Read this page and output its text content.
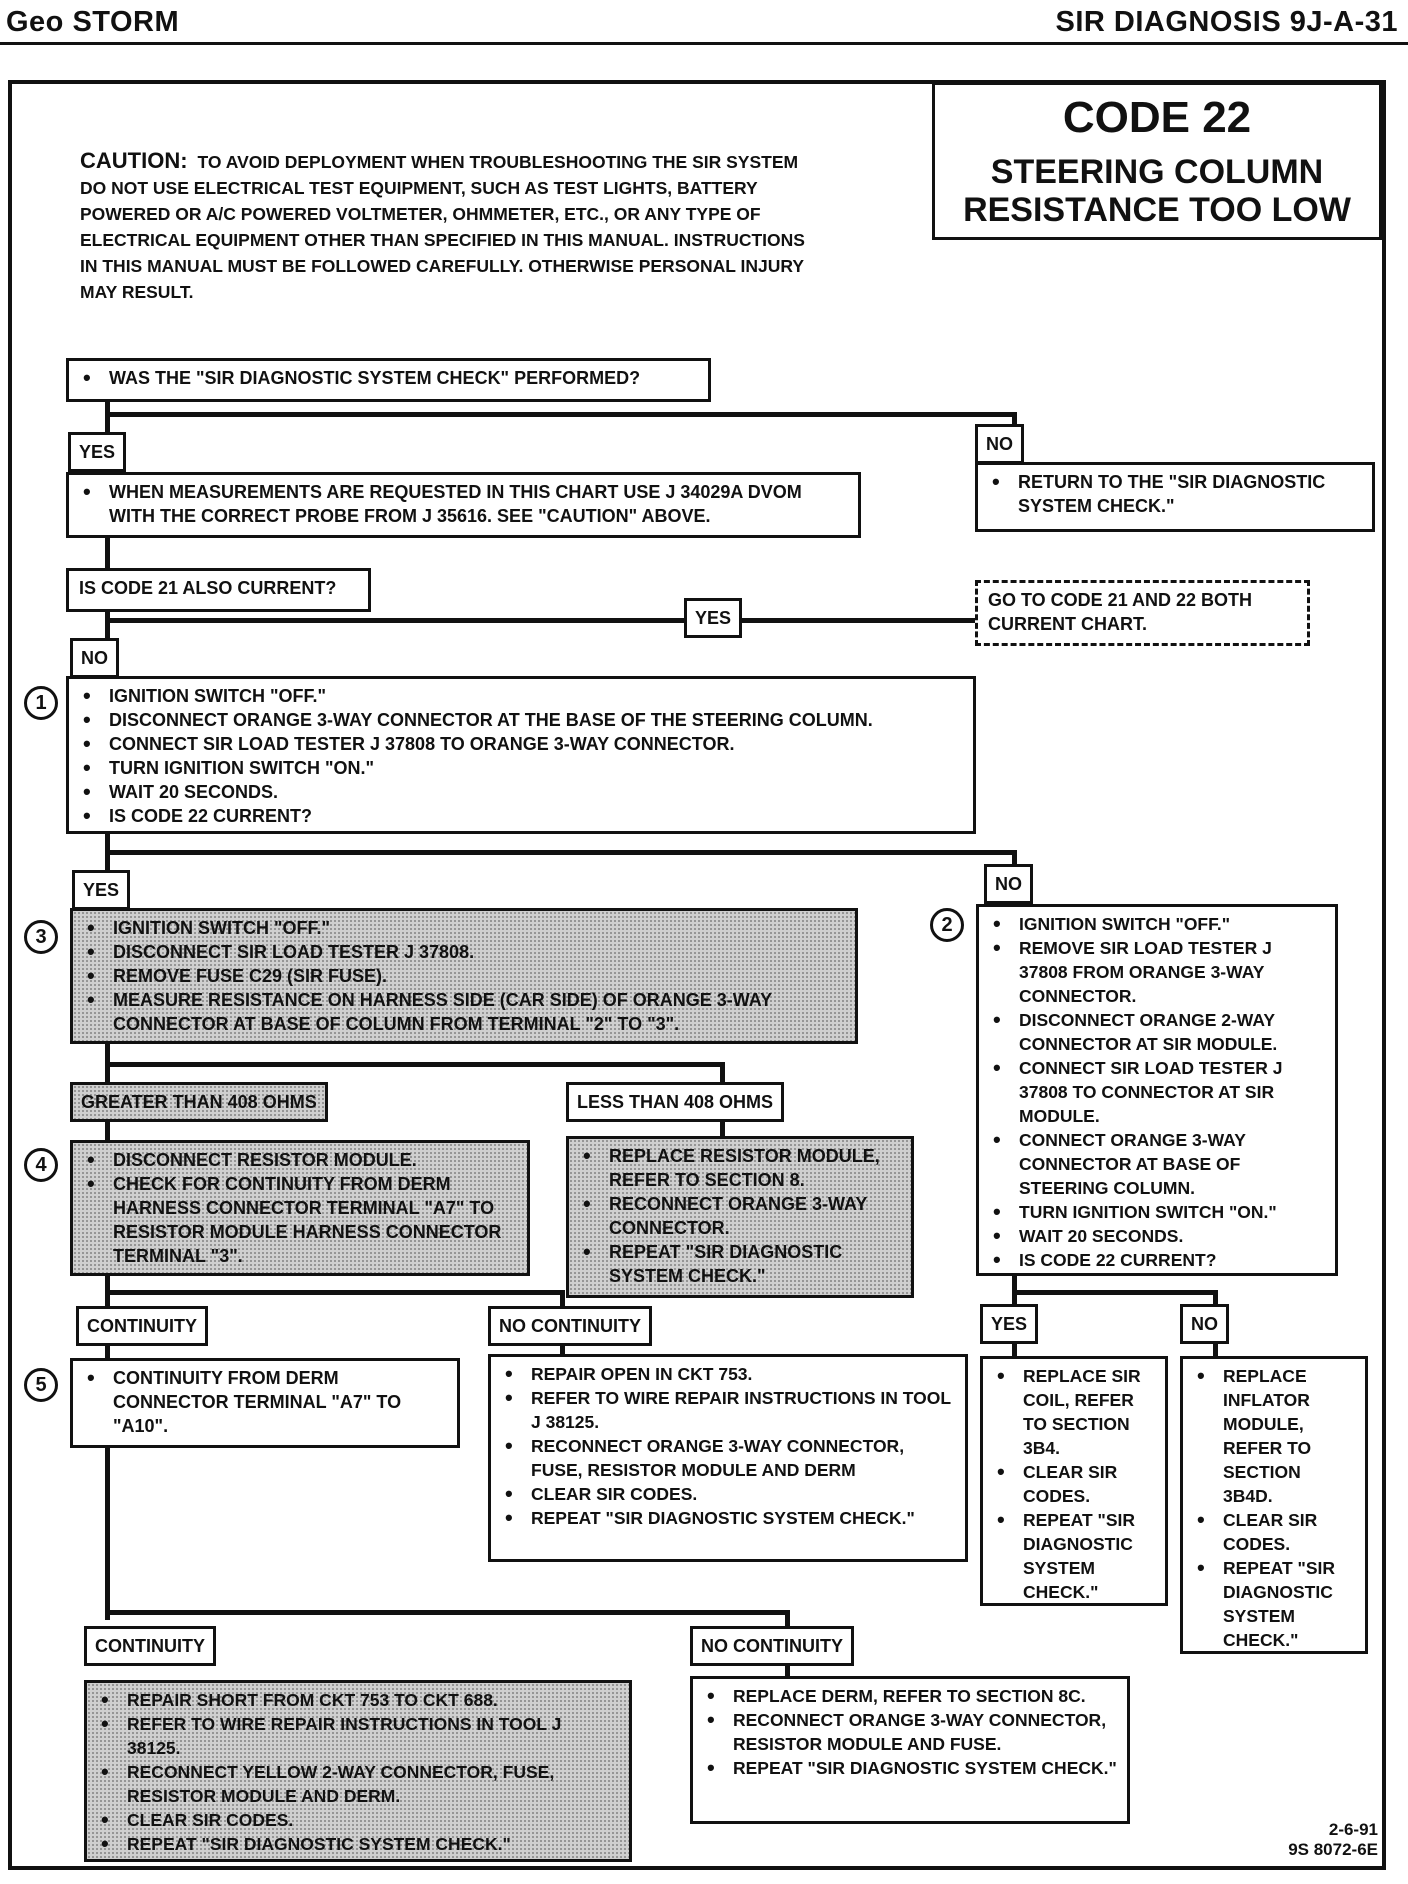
Geo STORM	SIR DIAGNOSIS 9J-A-31
CODE 22
STEERING COLUMN RESISTANCE TOO LOW
CAUTION: TO AVOID DEPLOYMENT WHEN TROUBLESHOOTING THE SIR SYSTEM DO NOT USE ELECTRICAL TEST EQUIPMENT, SUCH AS TEST LIGHTS, BATTERY POWERED OR A/C POWERED VOLTMETER, OHMMETER, ETC., OR ANY TYPE OF ELECTRICAL EQUIPMENT OTHER THAN SPECIFIED IN THIS MANUAL. INSTRUCTIONS IN THIS MANUAL MUST BE FOLLOWED CAREFULLY. OTHERWISE PERSONAL INJURY MAY RESULT.
• WAS THE "SIR DIAGNOSTIC SYSTEM CHECK" PERFORMED?
YES	NO
• WHEN MEASUREMENTS ARE REQUESTED IN THIS CHART USE J 34029A DVOM WITH THE CORRECT PROBE FROM J 35616. SEE "CAUTION" ABOVE.
• RETURN TO THE "SIR DIAGNOSTIC SYSTEM CHECK."
IS CODE 21 ALSO CURRENT?
YES
GO TO CODE 21 AND 22 BOTH CURRENT CHART.
NO
1	• IGNITION SWITCH "OFF."
• DISCONNECT ORANGE 3-WAY CONNECTOR AT THE BASE OF THE STEERING COLUMN.
• CONNECT SIR LOAD TESTER J 37808 TO ORANGE 3-WAY CONNECTOR.
• TURN IGNITION SWITCH "ON."
• WAIT 20 SECONDS.
• IS CODE 22 CURRENT?
YES	NO
3	• IGNITION SWITCH "OFF."
• DISCONNECT SIR LOAD TESTER J 37808.
• REMOVE FUSE C29 (SIR FUSE).
• MEASURE RESISTANCE ON HARNESS SIDE (CAR SIDE) OF ORANGE 3-WAY CONNECTOR AT BASE OF COLUMN FROM TERMINAL "2" TO "3".
2	• IGNITION SWITCH "OFF."
• REMOVE SIR LOAD TESTER J 37808 FROM ORANGE 3-WAY CONNECTOR.
• DISCONNECT ORANGE 2-WAY CONNECTOR AT SIR MODULE.
• CONNECT SIR LOAD TESTER J 37808 TO CONNECTOR AT SIR MODULE.
• CONNECT ORANGE 3-WAY CONNECTOR AT BASE OF STEERING COLUMN.
• TURN IGNITION SWITCH "ON."
• WAIT 20 SECONDS.
• IS CODE 22 CURRENT?
GREATER THAN 408 OHMS	LESS THAN 408 OHMS
4	• DISCONNECT RESISTOR MODULE.
• CHECK FOR CONTINUITY FROM DERM HARNESS CONNECTOR TERMINAL "A7" TO RESISTOR MODULE HARNESS CONNECTOR TERMINAL "3".
• REPLACE RESISTOR MODULE, REFER TO SECTION 8.
• RECONNECT ORANGE 3-WAY CONNECTOR.
• REPEAT "SIR DIAGNOSTIC SYSTEM CHECK."
CONTINUITY	NO CONTINUITY
5	• CONTINUITY FROM DERM CONNECTOR TERMINAL "A7" TO "A10".
• REPAIR OPEN IN CKT 753.
• REFER TO WIRE REPAIR INSTRUCTIONS IN TOOL J 38125.
• RECONNECT ORANGE 3-WAY CONNECTOR, FUSE, RESISTOR MODULE AND DERM
• CLEAR SIR CODES.
• REPEAT "SIR DIAGNOSTIC SYSTEM CHECK."
YES	NO
• REPLACE SIR COIL, REFER TO SECTION 3B4.
• CLEAR SIR CODES.
• REPEAT "SIR DIAGNOSTIC SYSTEM CHECK."
• REPLACE INFLATOR MODULE, REFER TO SECTION 3B4D.
• CLEAR SIR CODES.
• REPEAT "SIR DIAGNOSTIC SYSTEM CHECK."
CONTINUITY	NO CONTINUITY
• REPAIR SHORT FROM CKT 753 TO CKT 688.
• REFER TO WIRE REPAIR INSTRUCTIONS IN TOOL J 38125.
• RECONNECT YELLOW 2-WAY CONNECTOR, FUSE, RESISTOR MODULE AND DERM.
• CLEAR SIR CODES.
• REPEAT "SIR DIAGNOSTIC SYSTEM CHECK."
• REPLACE DERM, REFER TO SECTION 8C.
• RECONNECT ORANGE 3-WAY CONNECTOR, RESISTOR MODULE AND FUSE.
• REPEAT "SIR DIAGNOSTIC SYSTEM CHECK."
2-6-91
9S 8072-6E
